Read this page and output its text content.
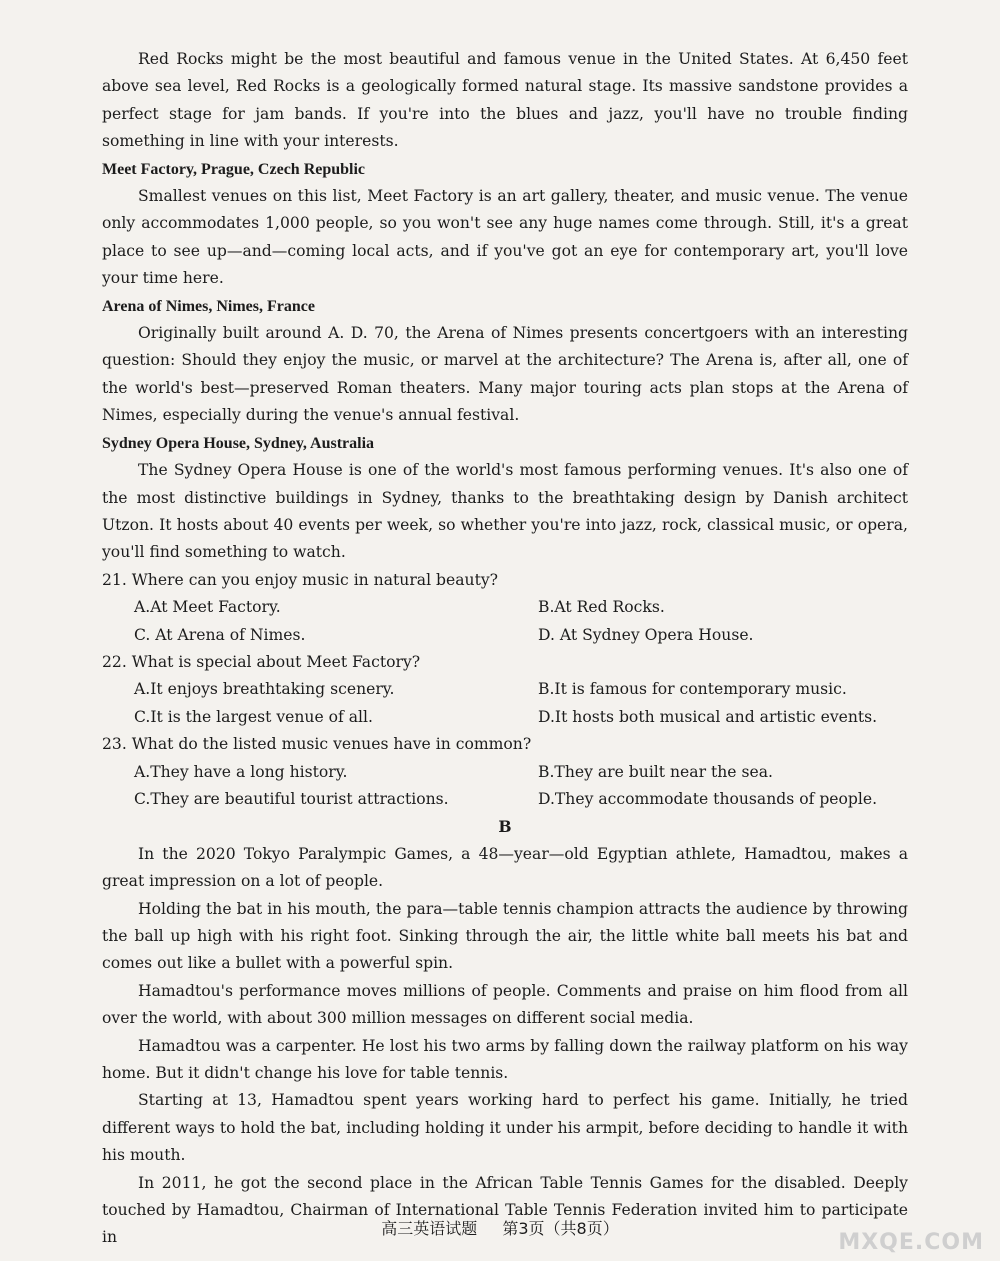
Red Rocks might be the most beautiful and famous venue in the United States. At 6,450 feet above sea level, Red Rocks is a geologically formed natural stage. Its massive sandstone provides a perfect stage for jam bands. If you're into the blues and jazz, you'll have no trouble finding something in line with your interests.

Meet Factory, Prague, Czech Republic

Smallest venues on this list, Meet Factory is an art gallery, theater, and music venue. The venue only accommodates 1,000 people, so you won't see any huge names come through. Still, it's a great place to see up—and—coming local acts, and if you've got an eye for contemporary art, you'll love your time here.

Arena of Nimes, Nimes, France

Originally built around A. D. 70, the Arena of Nimes presents concertgoers with an interesting question: Should they enjoy the music, or marvel at the architecture? The Arena is, after all, one of the world's best—preserved Roman theaters. Many major touring acts plan stops at the Arena of Nimes, especially during the venue's annual festival.

Sydney Opera House, Sydney, Australia

The Sydney Opera House is one of the world's most famous performing venues. It's also one of the most distinctive buildings in Sydney, thanks to the breathtaking design by Danish architect Utzon. It hosts about 40 events per week, so whether you're into jazz, rock, classical music, or opera, you'll find something to watch.

21. Where can you enjoy music in natural beauty?

A.At Meet Factory.	B.At Red Rocks.
C. At Arena of Nimes.	D. At Sydney Opera House.

22. What is special about Meet Factory?

A.It enjoys breathtaking scenery.	B.It is famous for contemporary music.
C.It is the largest venue of all.	D.It hosts both musical and artistic events.

23. What do the listed music venues have in common?

A.They have a long history.	B.They are built near the sea.
C.They are beautiful tourist attractions.	D.They accommodate thousands of people.

B

In the 2020 Tokyo Paralympic Games, a 48—year—old Egyptian athlete, Hamadtou, makes a great impression on a lot of people.

Holding the bat in his mouth, the para—table tennis champion attracts the audience by throwing the ball up high with his right foot. Sinking through the air, the little white ball meets his bat and comes out like a bullet with a powerful spin.

Hamadtou's performance moves millions of people. Comments and praise on him flood from all over the world, with about 300 million messages on different social media.

Hamadtou was a carpenter. He lost his two arms by falling down the railway platform on his way home. But it didn't change his love for table tennis.

Starting at 13, Hamadtou spent years working hard to perfect his game. Initially, he tried different ways to hold the bat, including holding it under his armpit, before deciding to handle it with his mouth.

In 2011, he got the second place in the African Table Tennis Games for the disabled. Deeply touched by Hamadtou, Chairman of International Table Tennis Federation invited him to participate in	高三英语试题 第3页（共8页）
MXQE.COM
